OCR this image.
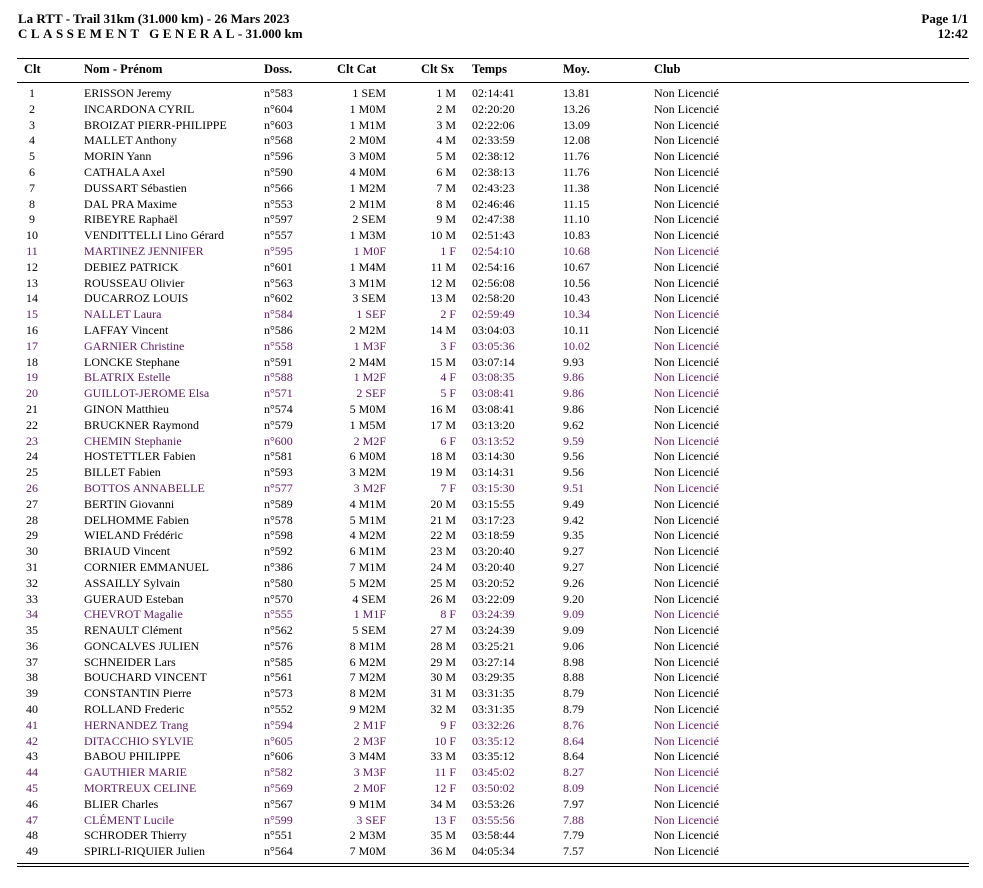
La RTT - Trail 31km (31.000 km) - 26 Mars 2023
CLASSEMENT GENERAL- 31.000 km
Page 1/1
12:42
Clt	Nom - Prénom	Doss.	Clt Cat	Clt Sx Temps	Moy.	Club
1	ERISSON Jeremy	n°583	1 SEM	1 M 02:14:41	13.81	Non Licencié
2	INCARDONA CYRIL	n°604	1 M0M	2 M 02:20:20	13.26	Non Licencié
3	BROIZAT PIERR-PHILIPPE	n°603	1 M1M	3 M 02:22:06	13.09	Non Licencié
4	MALLET Anthony	n°568	2 M0M	4 M 02:33:59	12.08	Non Licencié
5	MORIN Yann	n°596	3 M0M	5 M 02:38:12	11.76	Non Licencié
6	CATHALA Axel	n°590	4 M0M	6 M 02:38:13	11.76	Non Licencié
7	DUSSART Sébastien	n°566	1 M2M	7 M 02:43:23	11.38	Non Licencié
8	DAL PRA Maxime	n°553	2 M1M	8 M 02:46:46	11.15	Non Licencié
9	RIBEYRE Raphaël	n°597	2 SEM	9 M 02:47:38	11.10	Non Licencié
10	VENDITTELLI Lino Gérard	n°557	1 M3M	10 M 02:51:43	10.83	Non Licencié
11	MARTINEZ JENNIFER	n°595	1 M0F	1 F 02:54:10	10.68	Non Licencié
12	DEBIEZ PATRICK	n°601	1 M4M	11 M 02:54:16	10.67	Non Licencié
13	ROUSSEAU Olivier	n°563	3 M1M	12 M 02:56:08	10.56	Non Licencié
14	DUCARROZ LOUIS	n°602	3 SEM	13 M 02:58:20	10.43	Non Licencié
15	NALLET Laura	n°584	1 SEF	2 F 02:59:49	10.34	Non Licencié
16	LAFFAY Vincent	n°586	2 M2M	14 M 03:04:03	10.11	Non Licencié
17	GARNIER Christine	n°558	1 M3F	3 F 03:05:36	10.02	Non Licencié
18	LONCKE Stephane	n°591	2 M4M	15 M 03:07:14	9.93	Non Licencié
19	BLATRIX Estelle	n°588	1 M2F	4 F 03:08:35	9.86	Non Licencié
20	GUILLOT-JEROME Elsa	n°571	2 SEF	5 F 03:08:41	9.86	Non Licencié
21	GINON Matthieu	n°574	5 M0M	16 M 03:08:41	9.86	Non Licencié
22	BRUCKNER Raymond	n°579	1 M5M	17 M 03:13:20	9.62	Non Licencié
23	CHEMIN Stephanie	n°600	2 M2F	6 F 03:13:52	9.59	Non Licencié
24	HOSTETTLER Fabien	n°581	6 M0M	18 M 03:14:30	9.56	Non Licencié
25	BILLET Fabien	n°593	3 M2M	19 M 03:14:31	9.56	Non Licencié
26	BOTTOS ANNABELLE	n°577	3 M2F	7 F 03:15:30	9.51	Non Licencié
27	BERTIN Giovanni	n°589	4 M1M	20 M 03:15:55	9.49	Non Licencié
28	DELHOMME Fabien	n°578	5 M1M	21 M 03:17:23	9.42	Non Licencié
29	WIELAND Frédéric	n°598	4 M2M	22 M 03:18:59	9.35	Non Licencié
30	BRIAUD Vincent	n°592	6 M1M	23 M 03:20:40	9.27	Non Licencié
31	CORNIER EMMANUEL	n°386	7 M1M	24 M 03:20:40	9.27	Non Licencié
32	ASSAILLY Sylvain	n°580	5 M2M	25 M 03:20:52	9.26	Non Licencié
33	GUERAUD Esteban	n°570	4 SEM	26 M 03:22:09	9.20	Non Licencié
34	CHEVROT Magalie	n°555	1 M1F	8 F 03:24:39	9.09	Non Licencié
35	RENAULT Clément	n°562	5 SEM	27 M 03:24:39	9.09	Non Licencié
36	GONCALVES JULIEN	n°576	8 M1M	28 M 03:25:21	9.06	Non Licencié
37	SCHNEIDER Lars	n°585	6 M2M	29 M 03:27:14	8.98	Non Licencié
38	BOUCHARD VINCENT	n°561	7 M2M	30 M 03:29:35	8.88	Non Licencié
39	CONSTANTIN Pierre	n°573	8 M2M	31 M 03:31:35	8.79	Non Licencié
40	ROLLAND Frederic	n°552	9 M2M	32 M 03:31:35	8.79	Non Licencié
41	HERNANDEZ Trang	n°594	2 M1F	9 F 03:32:26	8.76	Non Licencié
42	DITACCHIO SYLVIE	n°605	2 M3F	10 F 03:35:12	8.64	Non Licencié
43	BABOU PHILIPPE	n°606	3 M4M	33 M 03:35:12	8.64	Non Licencié
44	GAUTHIER MARIE	n°582	3 M3F	11 F 03:45:02	8.27	Non Licencié
45	MORTREUX CELINE	n°569	2 M0F	12 F 03:50:02	8.09	Non Licencié
46	BLIER Charles	n°567	9 M1M	34 M 03:53:26	7.97	Non Licencié
47	CLÉMENT Lucile	n°599	3 SEF	13 F 03:55:56	7.88	Non Licencié
48	SCHRODER Thierry	n°551	2 M3M	35 M 03:58:44	7.79	Non Licencié
49	SPIRLI-RIQUIER Julien	n°564	7 M0M	36 M 04:05:34	7.57	Non Licencié
